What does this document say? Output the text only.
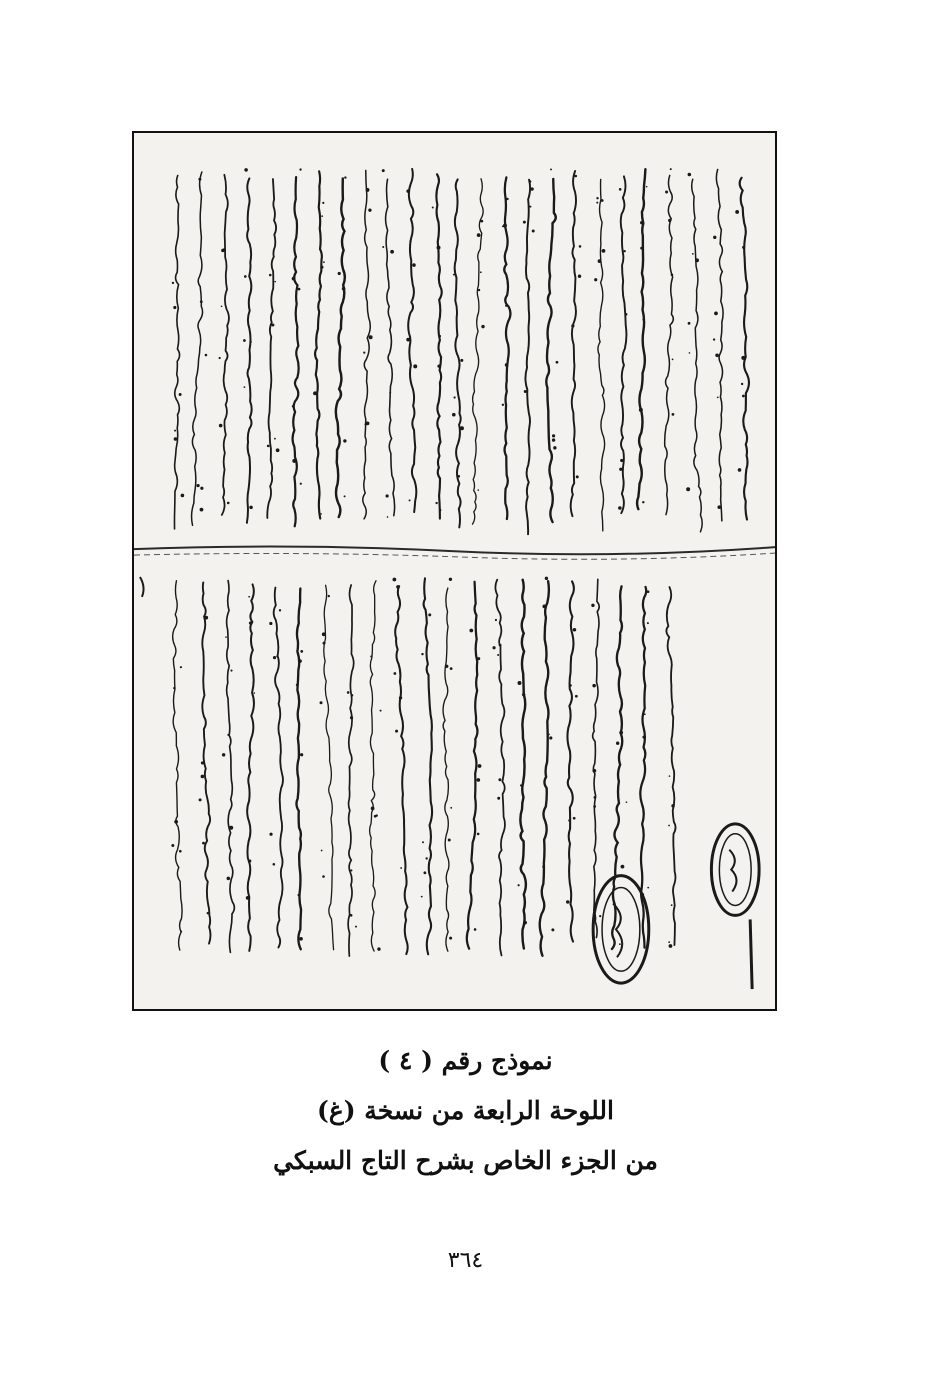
نموذج رقم ( ٤ )
اللوحة الرابعة من نسخة (غ)
من الجزء الخاص بشرح التاج السبكي
٣٦٤
